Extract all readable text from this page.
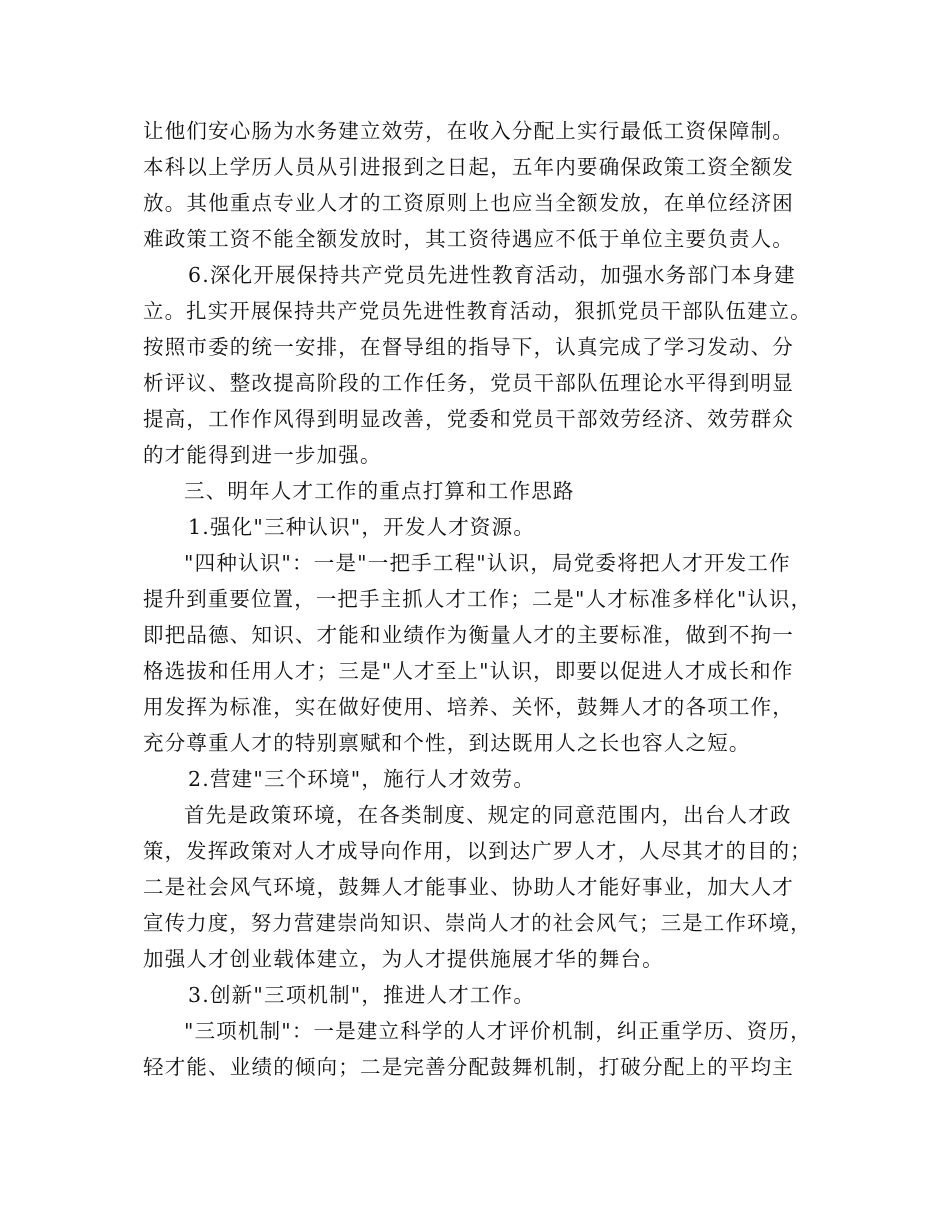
让他们安心肠为水务建立效劳，在收入分配上实行最低工资保障制。
本科以上学历人员从引进报到之日起，五年内要确保政策工资全额发
放。其他重点专业人才的工资原则上也应当全额发放，在单位经济困
难政策工资不能全额发放时，其工资待遇应不低于单位主要负责人。
6.深化开展保持共产党员先进性教育活动，加强水务部门本身建
立。扎实开展保持共产党员先进性教育活动，狠抓党员干部队伍建立。
按照市委的统一安排，在督导组的指导下，认真完成了学习发动、分
析评议、整改提高阶段的工作任务，党员干部队伍理论水平得到明显
提高，工作作风得到明显改善，党委和党员干部效劳经济、效劳群众
的才能得到进一步加强。
三、明年人才工作的重点打算和工作思路
1.强化"三种认识"，开发人才资源。
"四种认识"：一是"一把手工程"认识，局党委将把人才开发工作
提升到重要位置，一把手主抓人才工作；二是"人才标准多样化"认识，
即把品德、知识、才能和业绩作为衡量人才的主要标准，做到不拘一
格选拔和任用人才；三是"人才至上"认识，即要以促进人才成长和作
用发挥为标准，实在做好使用、培养、关怀，鼓舞人才的各项工作，
充分尊重人才的特别禀赋和个性，到达既用人之长也容人之短。
2.营建"三个环境"，施行人才效劳。
首先是政策环境，在各类制度、规定的同意范围内，出台人才政
策，发挥政策对人才成导向作用，以到达广罗人才，人尽其才的目的；
二是社会风气环境，鼓舞人才能事业、协助人才能好事业，加大人才
宣传力度，努力营建崇尚知识、崇尚人才的社会风气；三是工作环境，
加强人才创业载体建立，为人才提供施展才华的舞台。
3.创新"三项机制"，推进人才工作。
"三项机制"：一是建立科学的人才评价机制，纠正重学历、资历，
轻才能、业绩的倾向；二是完善分配鼓舞机制，打破分配上的平均主
